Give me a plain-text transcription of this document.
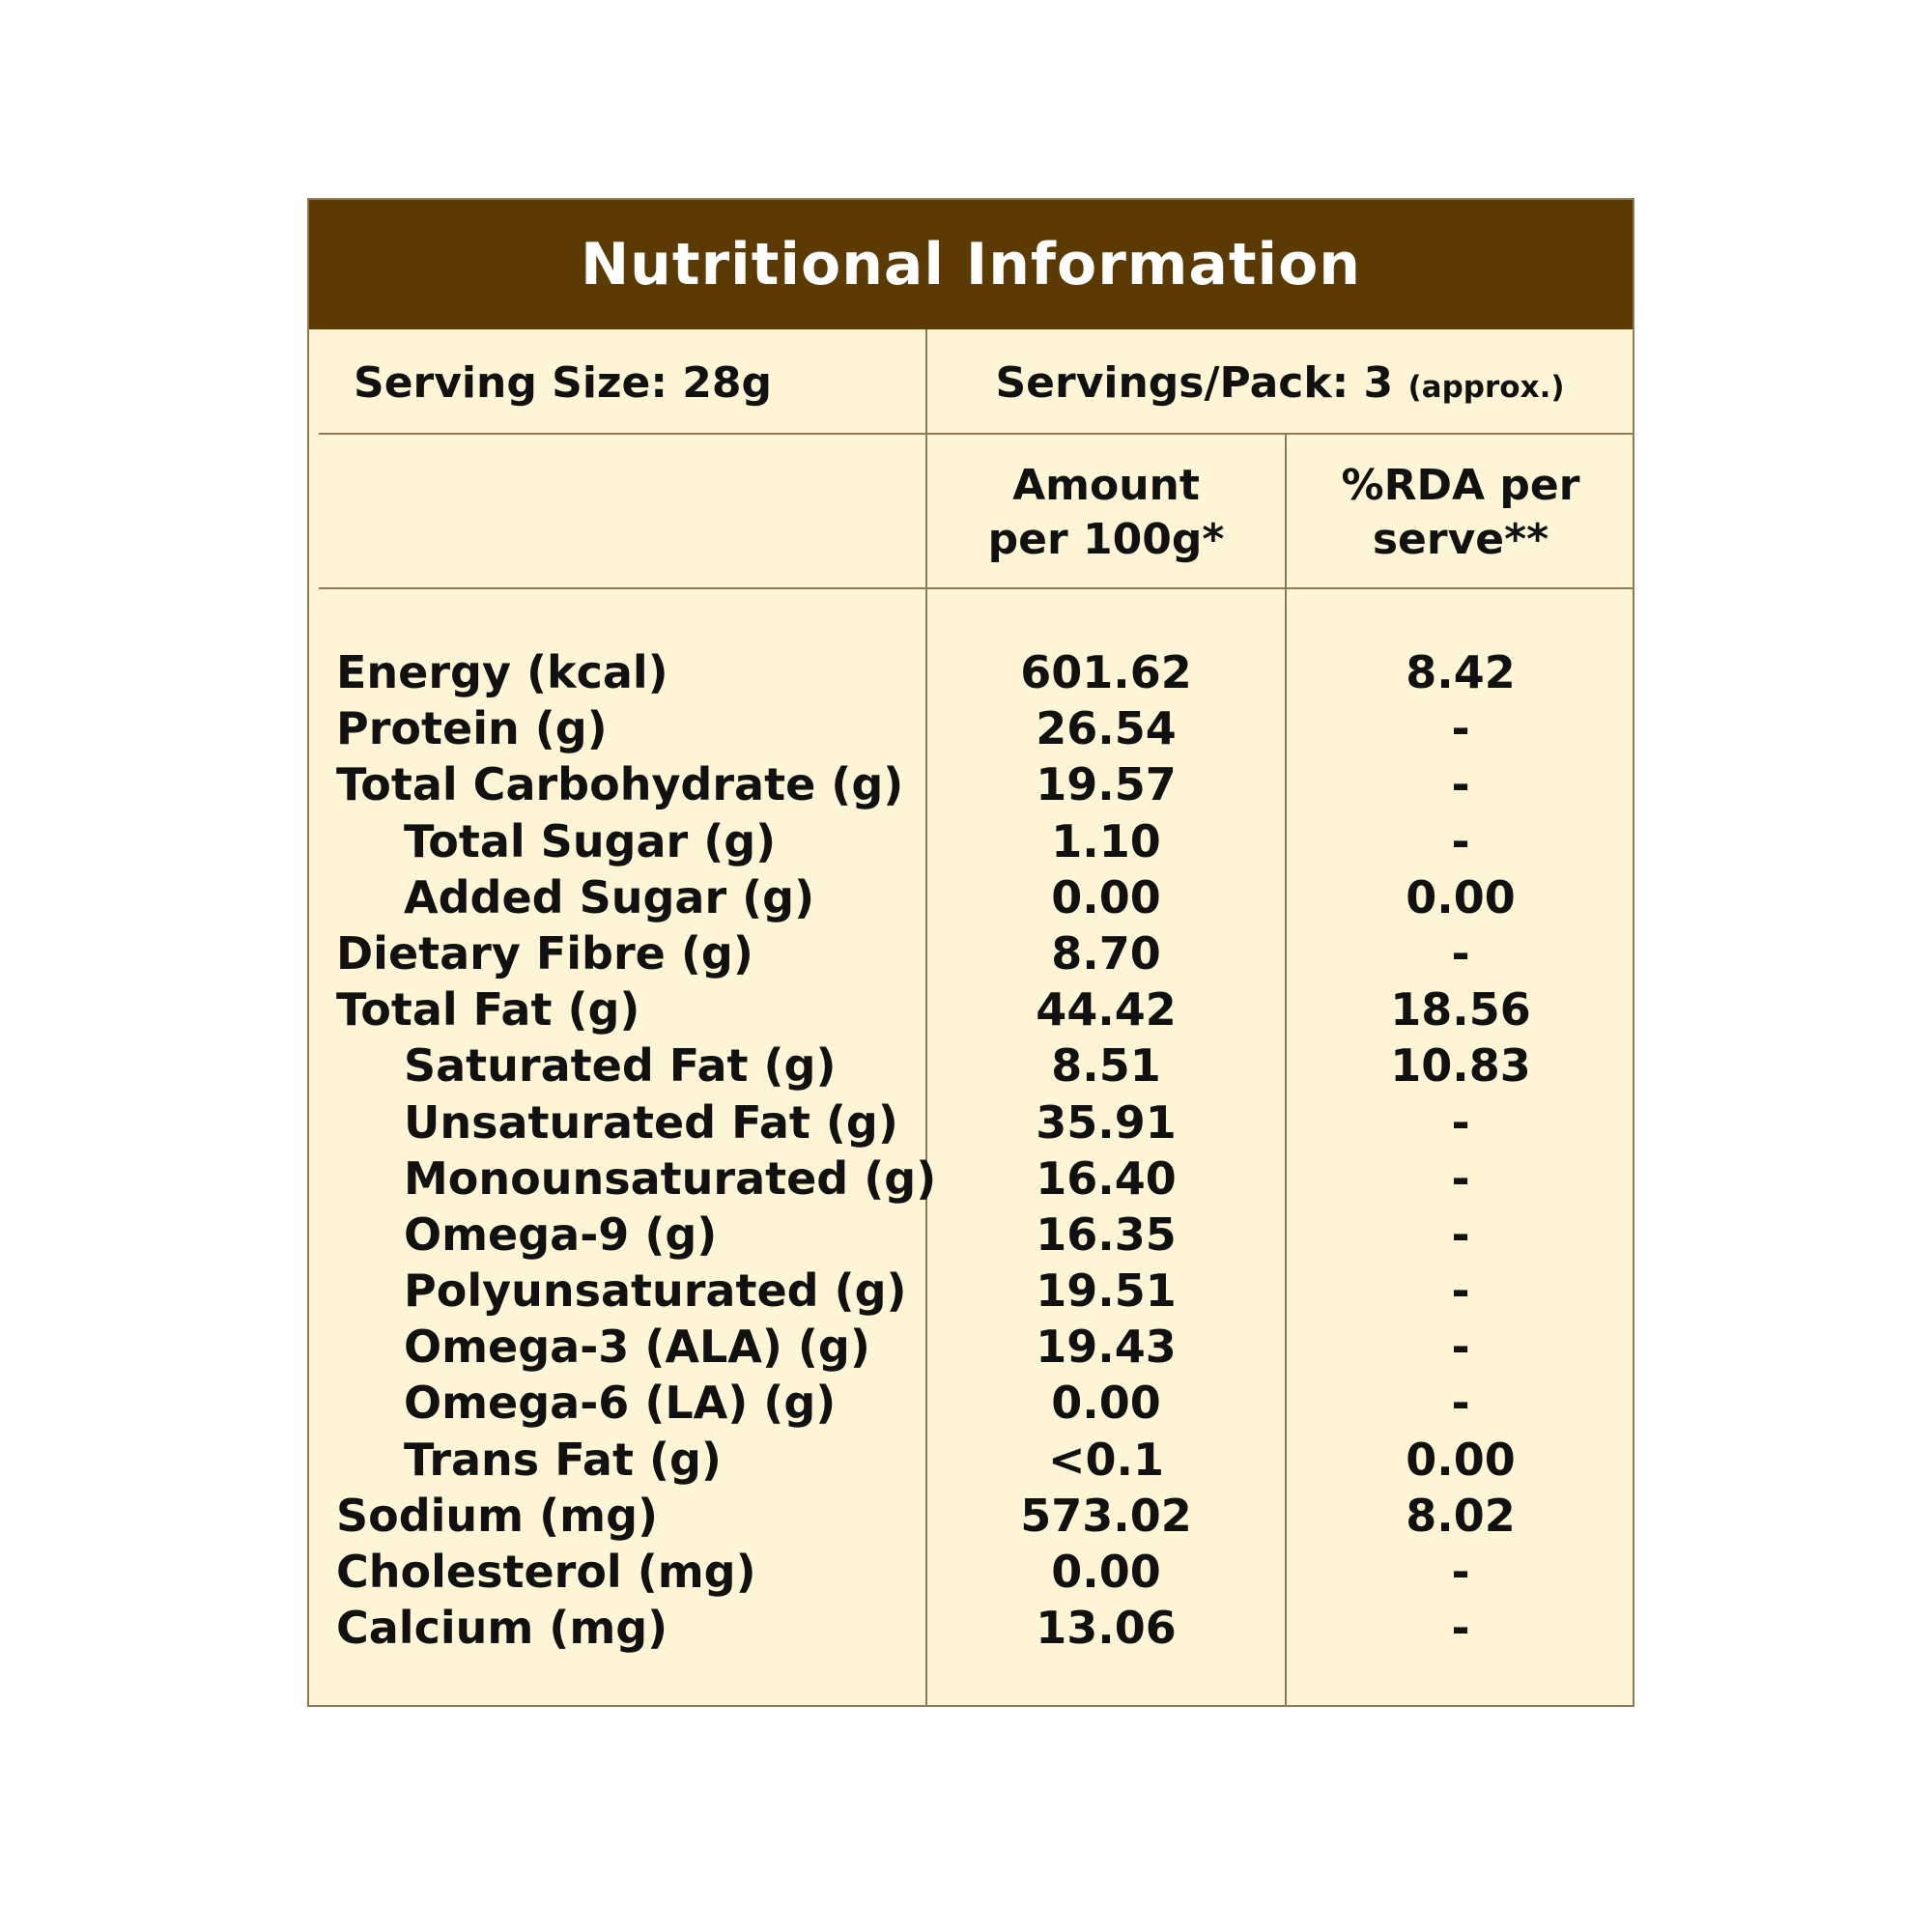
Nutritional Information
Serving Size: 28g	Servings/Pack: 3 (approx.)
Amount
per 100g*
%RDA per
serve**
Energy (kcal)	601.62	8.42
Protein (g)	26.54	-
Total Carbohydrate (g)	19.57	-
Total Sugar (g)	1.10	-
Added Sugar (g)	0.00	0.00
Dietary Fibre (g)	8.70	-
Total Fat (g)	44.42	18.56
Saturated Fat (g)	8.51	10.83
Unsaturated Fat (g)	35.91	-
Monounsaturated (g)	16.40	-
Omega-9 (g)	16.35	-
Polyunsaturated (g)	19.51	-
Omega-3 (ALA) (g)	19.43	-
Omega-6 (LA) (g)	0.00	-
Trans Fat (g)	<0.1	0.00
Sodium (mg)	573.02	8.02
Cholesterol (mg)	0.00	-
Calcium (mg)	13.06	-
